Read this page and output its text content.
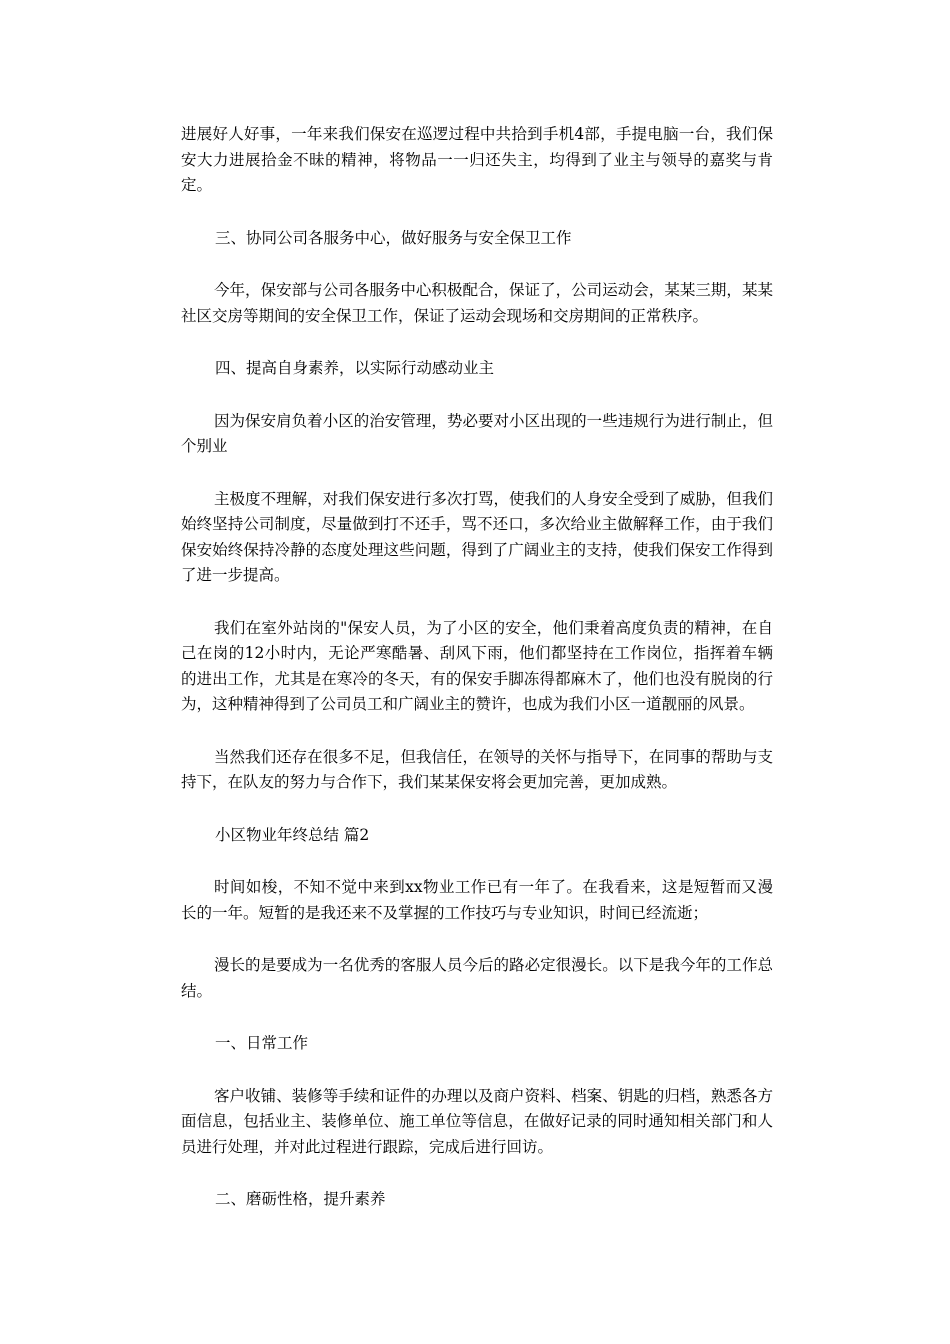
进展好人好事，一年来我们保安在巡逻过程中共拾到手机4部，手提电脑一台，我们保安大力进展拾金不昧的精神，将物品一一归还失主，均得到了业主与领导的嘉奖与肯定。

三、协同公司各服务中心，做好服务与安全保卫工作

今年，保安部与公司各服务中心积极配合，保证了，公司运动会，某某三期，某某社区交房等期间的安全保卫工作，保证了运动会现场和交房期间的正常秩序。

四、提高自身素养，以实际行动感动业主

因为保安肩负着小区的治安管理，势必要对小区出现的一些违规行为进行制止，但个别业

主极度不理解，对我们保安进行多次打骂，使我们的人身安全受到了威胁，但我们始终坚持公司制度，尽量做到打不还手，骂不还口，多次给业主做解释工作，由于我们保安始终保持冷静的态度处理这些问题，得到了广阔业主的支持，使我们保安工作得到了进一步提高。

我们在室外站岗的"保安人员，为了小区的安全，他们秉着高度负责的精神，在自己在岗的12小时内，无论严寒酷暑、刮风下雨，他们都坚持在工作岗位，指挥着车辆的进出工作，尤其是在寒冷的冬天，有的保安手脚冻得都麻木了，他们也没有脱岗的行为，这种精神得到了公司员工和广阔业主的赞许，也成为我们小区一道靓丽的风景。

当然我们还存在很多不足，但我信任，在领导的关怀与指导下，在同事的帮助与支持下，在队友的努力与合作下，我们某某保安将会更加完善，更加成熟。

小区物业年终总结 篇2

时间如梭，不知不觉中来到xx物业工作已有一年了。在我看来，这是短暂而又漫长的一年。短暂的是我还来不及掌握的工作技巧与专业知识，时间已经流逝；

漫长的是要成为一名优秀的客服人员今后的路必定很漫长。以下是我今年的工作总结。

一、日常工作

客户收铺、装修等手续和证件的办理以及商户资料、档案、钥匙的归档，熟悉各方面信息，包括业主、装修单位、施工单位等信息，在做好记录的同时通知相关部门和人员进行处理，并对此过程进行跟踪，完成后进行回访。

二、磨砺性格，提升素养
